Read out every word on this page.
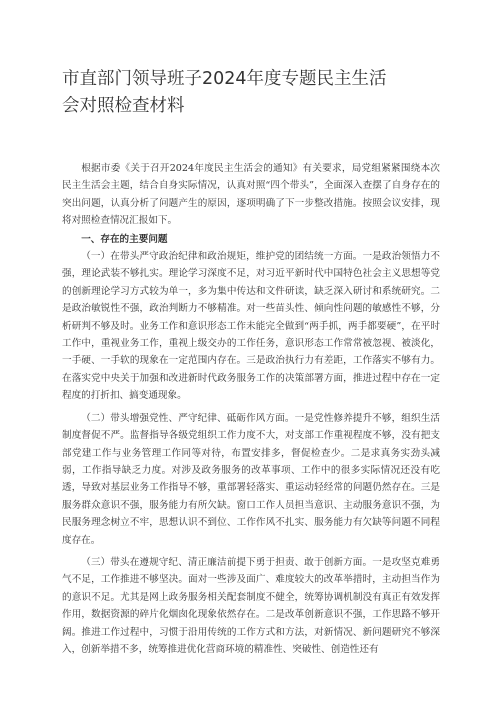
市直部门领导班子2024年度专题民主生活会对照检查材料

根据市委《关于召开2024年度民主生活会的通知》有关要求，局党组紧紧围绕本次民主生活会主题，结合自身实际情况，认真对照“四个带头”，全面深入查摆了自身存在的突出问题，认真分析了问题产生的原因，逐项明确了下一步整改措施。按照会议安排，现将对照检查情况汇报如下。

一、存在的主要问题

（一）在带头严守政治纪律和政治规矩，维护党的团结统一方面。一是政治领悟力不强，理论武装不够扎实。理论学习深度不足，对习近平新时代中国特色社会主义思想等党的创新理论学习方式较为单一，多为集中传达和文件研读，缺乏深入研讨和系统研究。二是政治敏锐性不强，政治判断力不够精准。对一些苗头性、倾向性问题的敏感性不够，分析研判不够及时。业务工作和意识形态工作未能完全做到“两手抓，两手都要硬”，在平时工作中，重视业务工作，重视上级交办的工作任务，意识形态工作常常被忽视、被淡化，一手硬、一手软的现象在一定范围内存在。三是政治执行力有差距，工作落实不够有力。在落实党中央关于加强和改进新时代政务服务工作的决策部署方面，推进过程中存在一定程度的打折扣、搞变通现象。

（二）带头增强党性、严守纪律、砥砺作风方面。一是党性修养提升不够，组织生活制度督促不严。监督指导各级党组织工作力度不大，对支部工作重视程度不够，没有把支部党建工作与业务管理工作同等对待，布置安排多，督促检查少。二是求真务实劲头减弱，工作指导缺乏力度。对涉及政务服务的改革事项、工作中的很多实际情况还没有吃透，导致对基层业务工作指导不够，重部署轻落实、重运动轻经常的问题仍然存在。三是服务群众意识不强，服务能力有所欠缺。窗口工作人员担当意识、主动服务意识不强，为民服务理念树立不牢，思想认识不到位、工作作风不扎实、服务能力有欠缺等问题不同程度存在。

（三）带头在遵规守纪、清正廉洁前提下勇于担责、敢于创新方面。一是攻坚克难勇气不足，工作推进不够坚决。面对一些涉及面广、难度较大的改革举措时，主动担当作为的意识不足。尤其是网上政务服务相关配套制度不健全，统筹协调机制没有真正有效发挥作用，数据资源的碎片化烟囱化现象依然存在。二是改革创新意识不强，工作思路不够开阔。推进工作过程中，习惯于沿用传统的工作方式和方法，对新情况、新问题研究不够深入，创新举措不多，统筹推进优化营商环境的精准性、突破性、创造性还有
